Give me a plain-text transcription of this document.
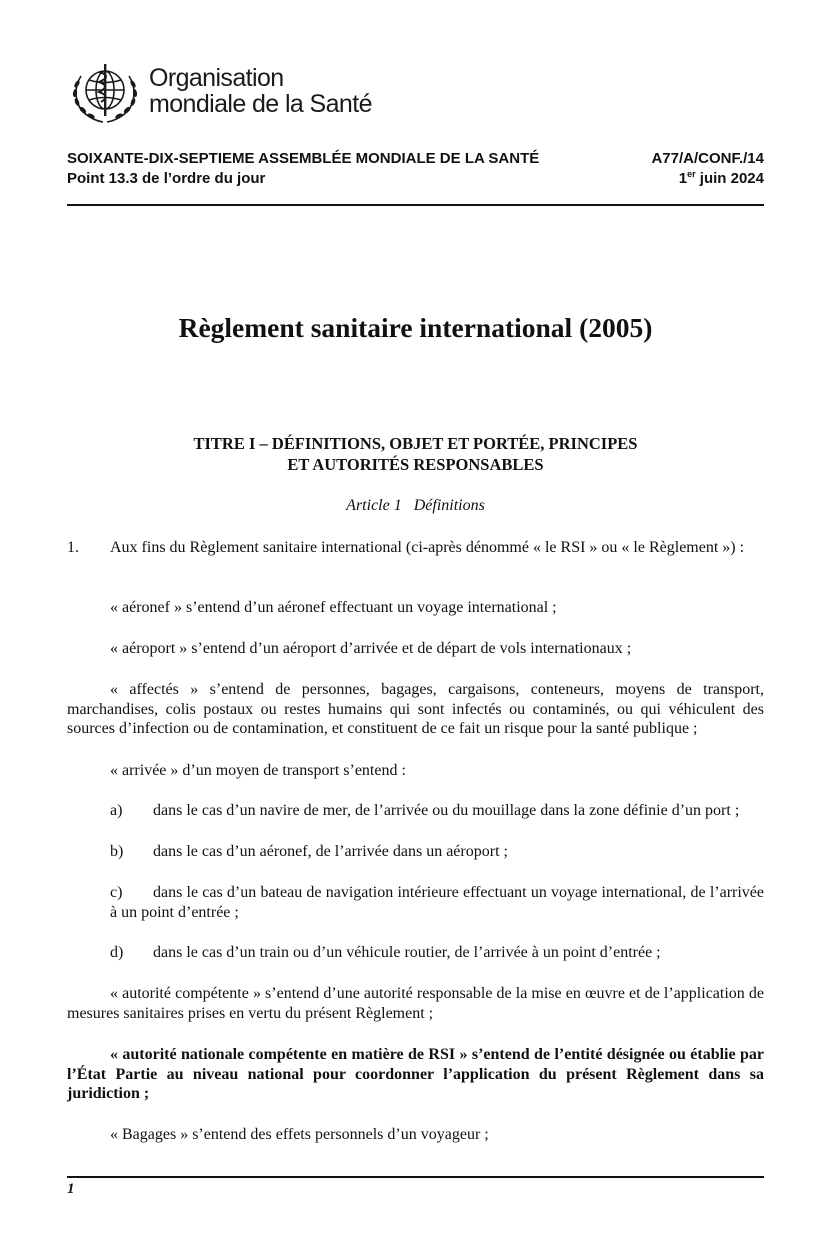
Organisation
mondiale de la Santé
SOIXANTE-DIX-SEPTIEME ASSEMBLÉE MONDIALE DE LA SANTÉ
Point 13.3 de l’ordre du jour
A77/A/CONF./14
1er juin 2024
Règlement sanitaire international (2005)
TITRE I – DÉFINITIONS, OBJET ET PORTÉE, PRINCIPES
ET AUTORITÉS RESPONSABLES
Article 1 Définitions

1. Aux fins du Règlement sanitaire international (ci-après dénommé « le RSI » ou « le Règlement ») :

« aéronef » s’entend d’un aéronef effectuant un voyage international ;

« aéroport » s’entend d’un aéroport d’arrivée et de départ de vols internationaux ;

« affectés » s’entend de personnes, bagages, cargaisons, conteneurs, moyens de transport, marchandises, colis postaux ou restes humains qui sont infectés ou contaminés, ou qui véhiculent des sources d’infection ou de contamination, et constituent de ce fait un risque pour la santé publique ;

« arrivée » d’un moyen de transport s’entend :

a) dans le cas d’un navire de mer, de l’arrivée ou du mouillage dans la zone définie d’un port ;

b) dans le cas d’un aéronef, de l’arrivée dans un aéroport ;

c) dans le cas d’un bateau de navigation intérieure effectuant un voyage international, de l’arrivée à un point d’entrée ;

d) dans le cas d’un train ou d’un véhicule routier, de l’arrivée à un point d’entrée ;

« autorité compétente » s’entend d’une autorité responsable de la mise en œuvre et de l’application de mesures sanitaires prises en vertu du présent Règlement ;

« autorité nationale compétente en matière de RSI » s’entend de l’entité désignée ou établie par l’État Partie au niveau national pour coordonner l’application du présent Règlement dans sa juridiction ;

« Bagages » s’entend des effets personnels d’un voyageur ;

1
